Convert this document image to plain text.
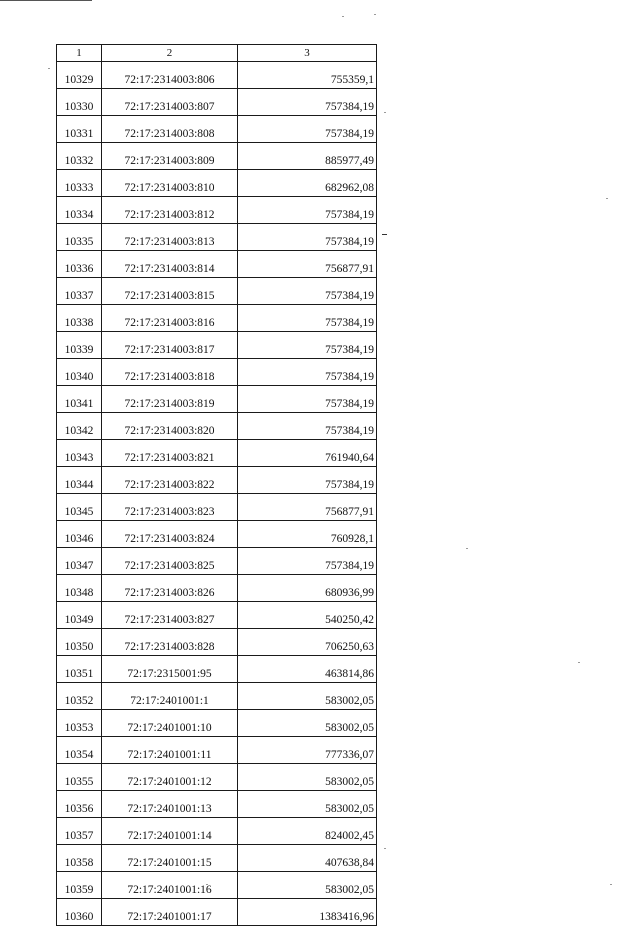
1	2	3
10329	72:17:2314003:806	755359,1
10330	72:17:2314003:807	757384,19
10331	72:17:2314003:808	757384,19
10332	72:17:2314003:809	885977,49
10333	72:17:2314003:810	682962,08
10334	72:17:2314003:812	757384,19
10335	72:17:2314003:813	757384,19
10336	72:17:2314003:814	756877,91
10337	72:17:2314003:815	757384,19
10338	72:17:2314003:816	757384,19
10339	72:17:2314003:817	757384,19
10340	72:17:2314003:818	757384,19
10341	72:17:2314003:819	757384,19
10342	72:17:2314003:820	757384,19
10343	72:17:2314003:821	761940,64
10344	72:17:2314003:822	757384,19
10345	72:17:2314003:823	756877,91
10346	72:17:2314003:824	760928,1
10347	72:17:2314003:825	757384,19
10348	72:17:2314003:826	680936,99
10349	72:17:2314003:827	540250,42
10350	72:17:2314003:828	706250,63
10351	72:17:2315001:95	463814,86
10352	72:17:2401001:1	583002,05
10353	72:17:2401001:10	583002,05
10354	72:17:2401001:11	777336,07
10355	72:17:2401001:12	583002,05
10356	72:17:2401001:13	583002,05
10357	72:17:2401001:14	824002,45
10358	72:17:2401001:15	407638,84
10359	72:17:2401001:16	583002,05
10360	72:17:2401001:17	1383416,96
